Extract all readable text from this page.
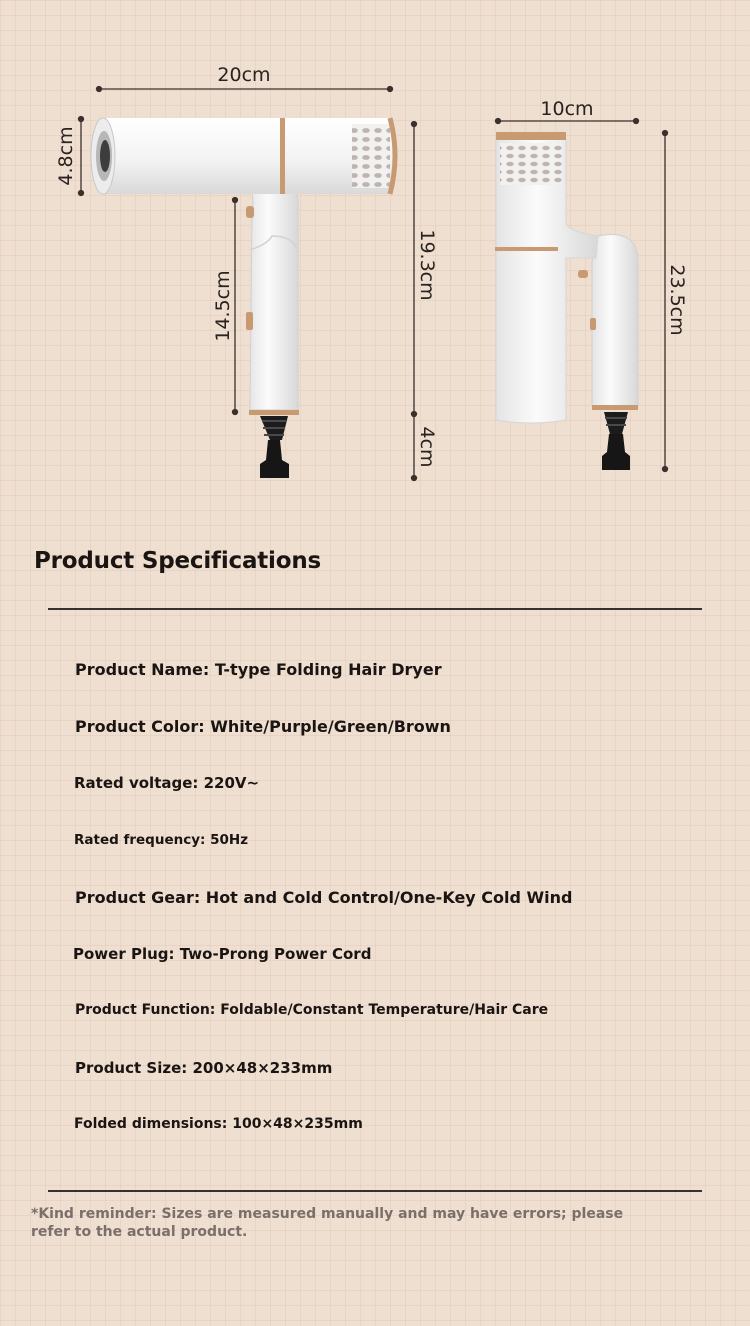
20cm
4.8cm
14.5cm
19.3cm
4cm
10cm
23.5cm
Product Specifications
Product Name: T-type Folding Hair Dryer
Product Color: White/Purple/Green/Brown
Rated voltage: 220V~
Rated frequency: 50Hz
Product Gear: Hot and Cold Control/One-Key Cold Wind
Power Plug: Two-Prong Power Cord
Product Function: Foldable/Constant Temperature/Hair Care
Product Size: 200×48×233mm
Folded dimensions: 100×48×235mm
*Kind reminder: Sizes are measured manually and may have errors; please refer to the actual product.
